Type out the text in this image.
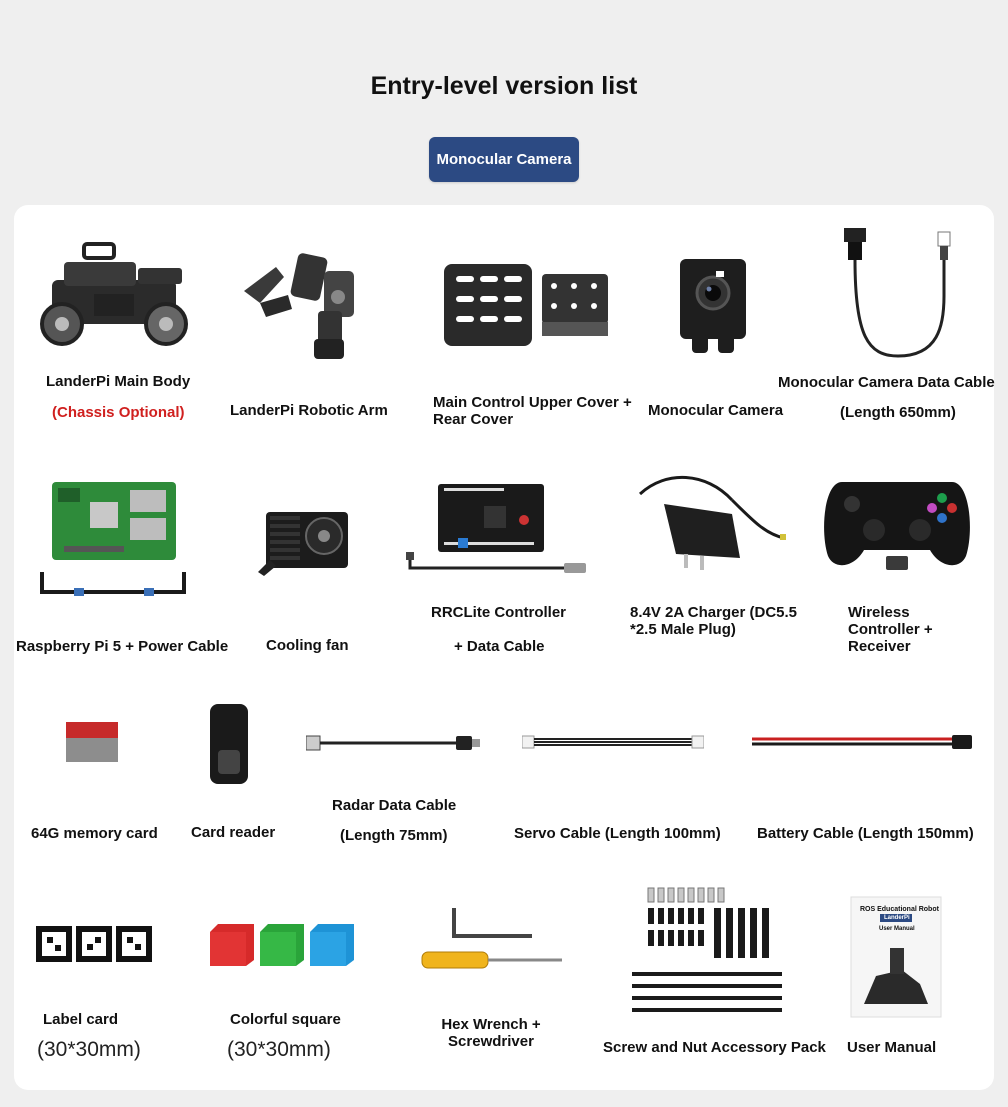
Entry-level version list
Monocular Camera
LanderPi Main Body
(Chassis Optional)	LanderPi Robotic Arm	Main Control Upper Cover + Rear Cover
Monocular Camera
Monocular Camera Data Cable
(Length 650mm)
Raspberry Pi 5 + Power Cable	Cooling fan
RRCLite Controller
+ Data Cable
8.4V 2A Charger (DC5.5 *2.5 Male Plug)
Wireless Controller + Receiver
64G memory card Card reader
Radar Data Cable
(Length 75mm)	Servo Cable (Length 100mm) Battery Cable (Length 150mm)
Label card
(30*30mm)
Colorful square
(30*30mm)
Hex Wrench + Screwdriver	Screw and Nut Accessory Pack
ROS Educational Robot
LanderPi
User Manual
User Manual
